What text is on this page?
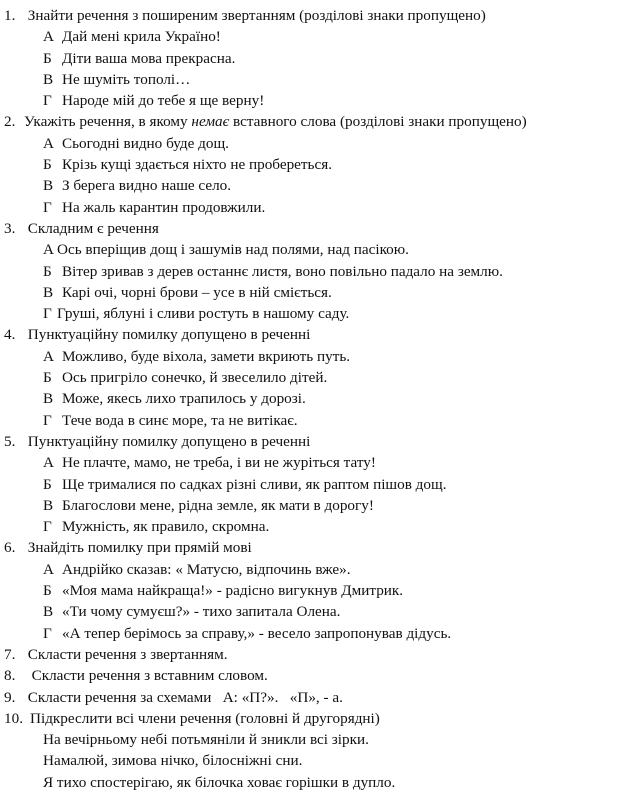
1. Знайти речення з поширеним звертанням (розділові знаки пропущено)
А Дай мені крила Україно!
Б Діти ваша мова прекрасна.
В Не шуміть тополі…
Г Народе мій до тебе я ще верну!
2. Укажіть речення, в якому немає вставного слова (розділові знаки пропущено)
А Сьогодні видно буде дощ.
Б Крізь кущі здається ніхто не пробереться.
В З берега видно наше село.
Г На жаль карантин продовжили.
3. Складним є речення
А Ось вперіщив дощ і зашумів над полями, над пасікою.
Б Вітер зривав з дерев останнє листя, воно повільно падало на землю.
В Карі очі, чорні брови – усе в ній сміється.
Г Груші, яблуні і сливи ростуть в нашому саду.
4. Пунктуаційну помилку допущено в реченні
А Можливо, буде віхола, замети вкриють путь.
Б Ось пригріло сонечко, й звеселило дітей.
В Може, якесь лихо трапилось у дорозі.
Г Тече вода в синє море, та не витікає.
5. Пунктуаційну помилку допущено в реченні
А Не плачте, мамо, не треба, і ви не журіться тату!
Б Ще трималися по садках різні сливи, як раптом пішов дощ.
В Благослови мене, рідна земле, як мати в дорогу!
Г Мужність, як правило, скромна.
6. Знайдіть помилку при прямій мові
А Андрійко сказав: « Матусю, відпочинь вже».
Б «Моя мама найкраща!» - радісно вигукнув Дмитрик.
В «Ти чому сумуєш?» - тихо запитала Олена.
Г «А тепер берімось за справу,» - весело запропонував дідусь.
7. Скласти речення з звертанням.
8.  Скласти речення з вставним словом.
9. Скласти речення за схемами   А: «П?».   «П», - а.
10. Підкреслити всі члени речення (головні й другорядні)
На вечірньому небі потьмяніли й зникли всі зірки.
Намалюй, зимова нічко, білосніжні сни.
Я тихо спостерігаю, як білочка ховає горішки в дупло.
